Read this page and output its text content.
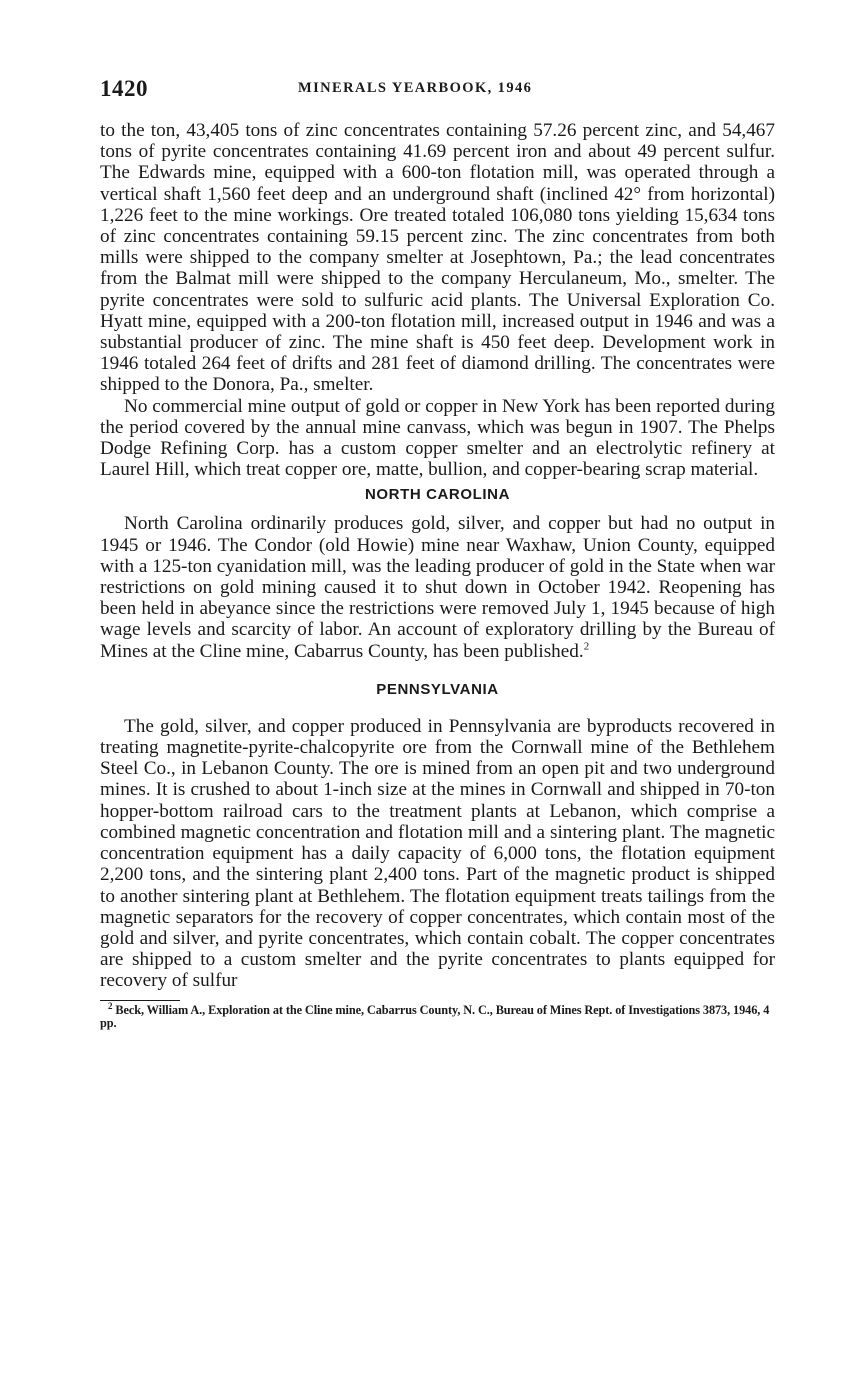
1420	MINERALS YEARBOOK, 1946

to the ton, 43,405 tons of zinc concentrates containing 57.26 percent zinc, and 54,467 tons of pyrite concentrates containing 41.69 percent iron and about 49 percent sulfur. The Edwards mine, equipped with a 600-ton flotation mill, was operated through a vertical shaft 1,560 feet deep and an underground shaft (inclined 42° from horizontal) 1,226 feet to the mine workings. Ore treated totaled 106,080 tons yielding 15,634 tons of zinc concentrates containing 59.15 percent zinc. The zinc concentrates from both mills were shipped to the company smelter at Josephtown, Pa.; the lead concentrates from the Balmat mill were shipped to the company Herculaneum, Mo., smelter. The pyrite concentrates were sold to sulfuric acid plants. The Universal Exploration Co. Hyatt mine, equipped with a 200-ton flotation mill, increased output in 1946 and was a substantial producer of zinc. The mine shaft is 450 feet deep. Development work in 1946 totaled 264 feet of drifts and 281 feet of diamond drilling. The concentrates were shipped to the Donora, Pa., smelter.

No commercial mine output of gold or copper in New York has been reported during the period covered by the annual mine canvass, which was begun in 1907. The Phelps Dodge Refining Corp. has a custom copper smelter and an electrolytic refinery at Laurel Hill, which treat copper ore, matte, bullion, and copper-bearing scrap material.

NORTH CAROLINA

North Carolina ordinarily produces gold, silver, and copper but had no output in 1945 or 1946. The Condor (old Howie) mine near Waxhaw, Union County, equipped with a 125-ton cyanidation mill, was the leading producer of gold in the State when war restrictions on gold mining caused it to shut down in October 1942. Reopening has been held in abeyance since the restrictions were removed July 1, 1945 because of high wage levels and scarcity of labor. An account of exploratory drilling by the Bureau of Mines at the Cline mine, Cabarrus County, has been published.$^2$

PENNSYLVANIA

The gold, silver, and copper produced in Pennsylvania are byproducts recovered in treating magnetite-pyrite-chalcopyrite ore from the Cornwall mine of the Bethlehem Steel Co., in Lebanon County. The ore is mined from an open pit and two underground mines. It is crushed to about 1-inch size at the mines in Cornwall and shipped in 70-ton hopper-bottom railroad cars to the treatment plants at Lebanon, which comprise a combined magnetic concentration and flotation mill and a sintering plant. The magnetic concentration equipment has a daily capacity of 6,000 tons, the flotation equipment 2,200 tons, and the sintering plant 2,400 tons. Part of the magnetic product is shipped to another sintering plant at Bethlehem. The flotation equipment treats tailings from the magnetic separators for the recovery of copper concentrates, which contain most of the gold and silver, and pyrite concentrates, which contain cobalt. The copper concentrates are shipped to a custom smelter and the pyrite concentrates to plants equipped for recovery of sulfur

$^2$ Beck, William A., Exploration at the Cline mine, Cabarrus County, N. C., Bureau of Mines Rept. of Investigations 3873, 1946, 4 pp.
